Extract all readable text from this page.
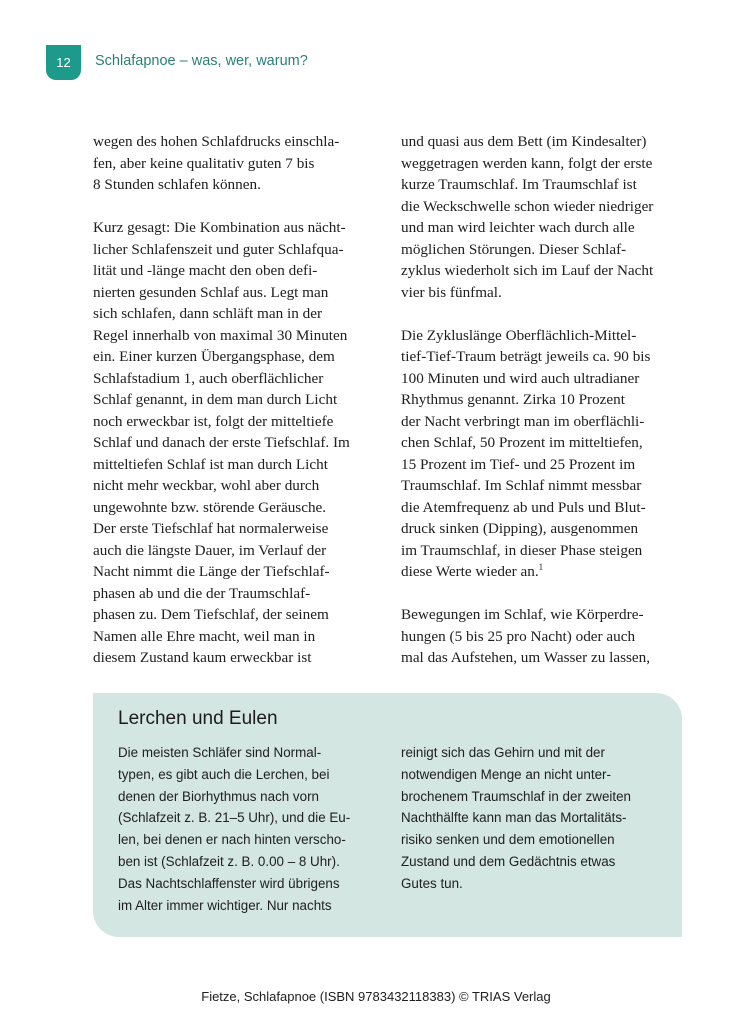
12 Schlafapnoe – was, wer, warum?

wegen des hohen Schlafdrucks einschla-
fen, aber keine qualitativ guten 7 bis
8 Stunden schlafen können.

Kurz gesagt: Die Kombination aus nächt-
licher Schlafenszeit und guter Schlafqua-
lität und -länge macht den oben defi-
nierten gesunden Schlaf aus. Legt man
sich schlafen, dann schläft man in der
Regel innerhalb von maximal 30 Minuten
ein. Einer kurzen Übergangsphase, dem
Schlafstadium 1, auch oberflächlicher
Schlaf genannt, in dem man durch Licht
noch erweckbar ist, folgt der mitteltiefe
Schlaf und danach der erste Tiefschlaf. Im
mitteltiefen Schlaf ist man durch Licht
nicht mehr weckbar, wohl aber durch
ungewohnte bzw. störende Geräusche.
Der erste Tiefschlaf hat normalerweise
auch die längste Dauer, im Verlauf der
Nacht nimmt die Länge der Tiefschlaf-
phasen ab und die der Traumschlaf-
phasen zu. Dem Tiefschlaf, der seinem
Namen alle Ehre macht, weil man in
diesem Zustand kaum erweckbar ist

und quasi aus dem Bett (im Kindesalter)
weggetragen werden kann, folgt der erste
kurze Traumschlaf. Im Traumschlaf ist
die Weckschwelle schon wieder niedriger
und man wird leichter wach durch alle
möglichen Störungen. Dieser Schlaf-
zyklus wiederholt sich im Lauf der Nacht
vier bis fünfmal.

Die Zykluslänge Oberflächlich-Mittel-
tief-Tief-Traum beträgt jeweils ca. 90 bis
100 Minuten und wird auch ultradianer
Rhythmus genannt. Zirka 10 Prozent
der Nacht verbringt man im oberflächli-
chen Schlaf, 50 Prozent im mitteltiefen,
15 Prozent im Tief- und 25 Prozent im
Traumschlaf. Im Schlaf nimmt messbar
die Atemfrequenz ab und Puls und Blut-
druck sinken (Dipping), ausgenommen
im Traumschlaf, in dieser Phase steigen
diese Werte wieder an.$^1$

Bewegungen im Schlaf, wie Körperdre-
hungen (5 bis 25 pro Nacht) oder auch
mal das Aufstehen, um Wasser zu lassen,

Lerchen und Eulen
Die meisten Schläfer sind Normal-
typen, es gibt auch die Lerchen, bei
denen der Biorhythmus nach vorn
(Schlafzeit z. B. 21–5 Uhr), und die Eu-
len, bei denen er nach hinten verscho-
ben ist (Schlafzeit z. B. 0.00 – 8 Uhr).
Das Nachtschlaffenster wird übrigens
im Alter immer wichtiger. Nur nachts
reinigt sich das Gehirn und mit der
notwendigen Menge an nicht unter-
brochenem Traumschlaf in der zweiten
Nachthälfte kann man das Mortalitäts-
risiko senken und dem emotionellen
Zustand und dem Gedächtnis etwas
Gutes tun.
Fietze, Schlafapnoe (ISBN 9783432118383) © TRIAS Verlag
